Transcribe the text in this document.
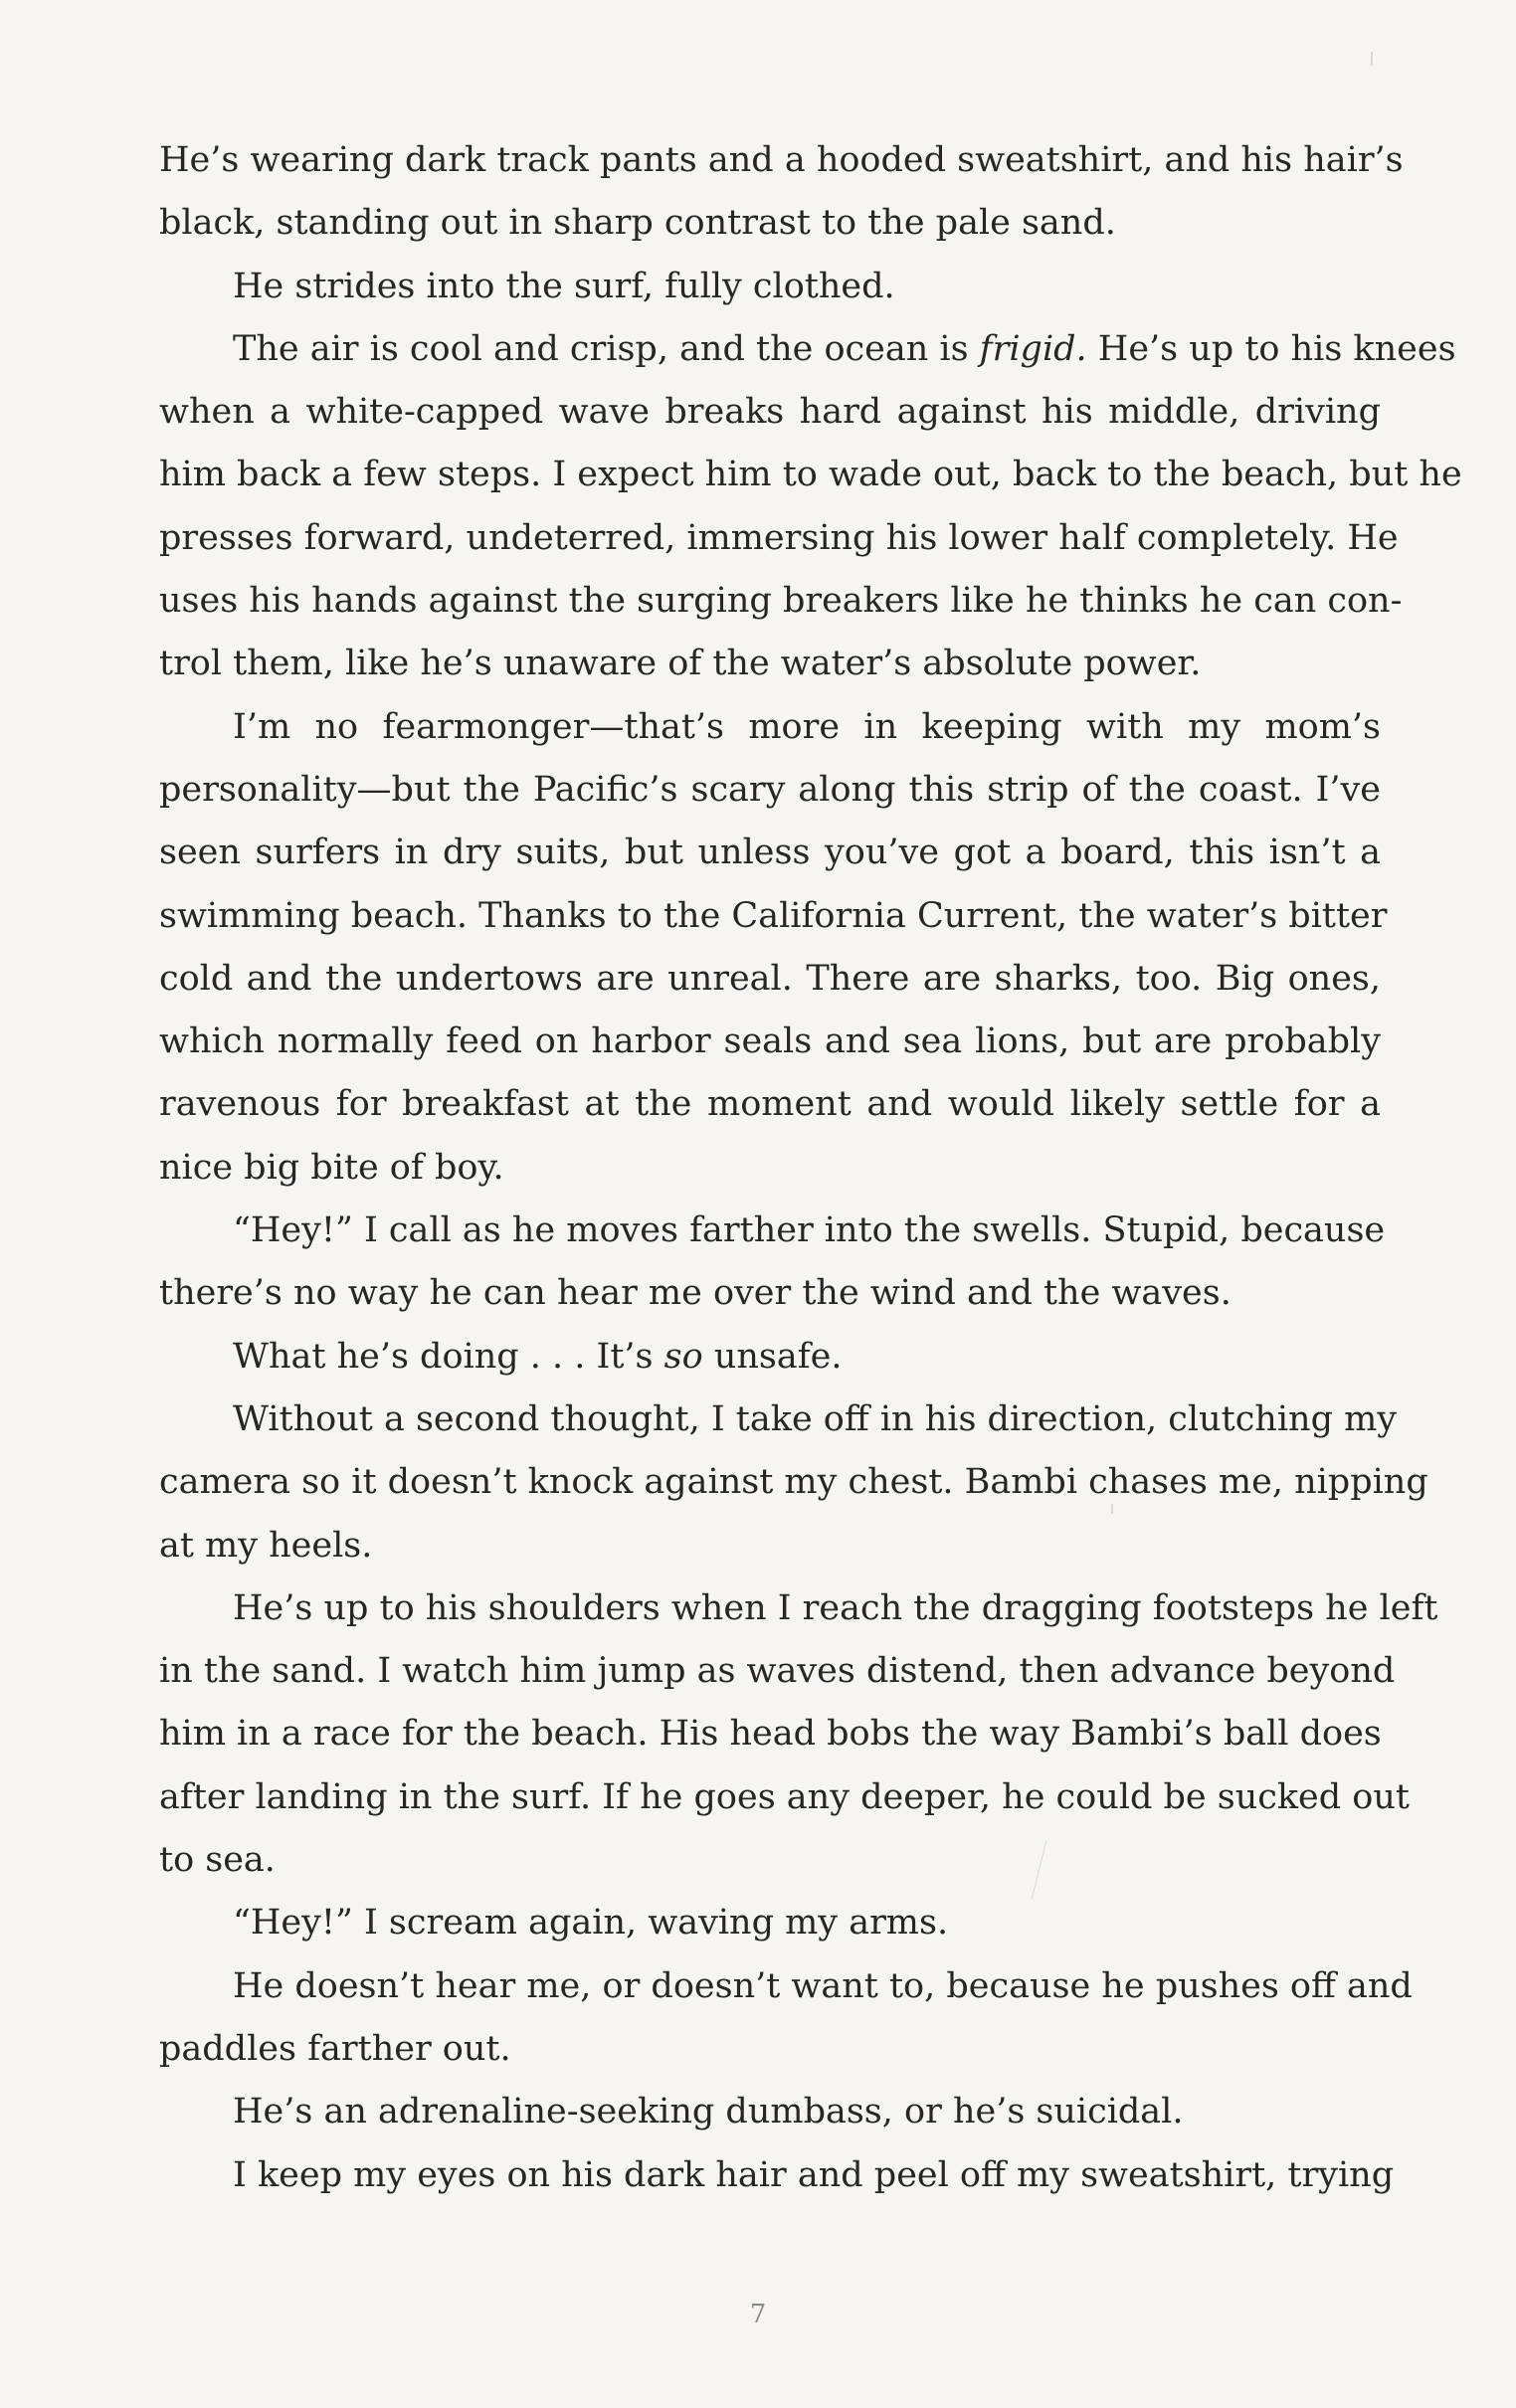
He’s wearing dark track pants and a hooded sweatshirt, and his hair’s
black, standing out in sharp contrast to the pale sand.
He strides into the surf, fully clothed.
The air is cool and crisp, and the ocean is frigid. He’s up to his knees
when a white-capped wave breaks hard against his middle, driving
him back a few steps. I expect him to wade out, back to the beach, but he
presses forward, undeterred, immersing his lower half completely. He
uses his hands against the surging breakers like he thinks he can con-
trol them, like he’s unaware of the water’s absolute power.
I’m no fearmonger—that’s more in keeping with my mom’s
personality—but the Pacific’s scary along this strip of the coast. I’ve
seen surfers in dry suits, but unless you’ve got a board, this isn’t a
swimming beach. Thanks to the California Current, the water’s bitter
cold and the undertows are unreal. There are sharks, too. Big ones,
which normally feed on harbor seals and sea lions, but are probably
ravenous for breakfast at the moment and would likely settle for a
nice big bite of boy.
“Hey!” I call as he moves farther into the swells. Stupid, because
there’s no way he can hear me over the wind and the waves.
What he’s doing . . . It’s so unsafe.
Without a second thought, I take off in his direction, clutching my
camera so it doesn’t knock against my chest. Bambi chases me, nipping
at my heels.
He’s up to his shoulders when I reach the dragging footsteps he left
in the sand. I watch him jump as waves distend, then advance beyond
him in a race for the beach. His head bobs the way Bambi’s ball does
after landing in the surf. If he goes any deeper, he could be sucked out
to sea.
“Hey!” I scream again, waving my arms.
He doesn’t hear me, or doesn’t want to, because he pushes off and
paddles farther out.
He’s an adrenaline-seeking dumbass, or he’s suicidal.
I keep my eyes on his dark hair and peel off my sweatshirt, trying
7
